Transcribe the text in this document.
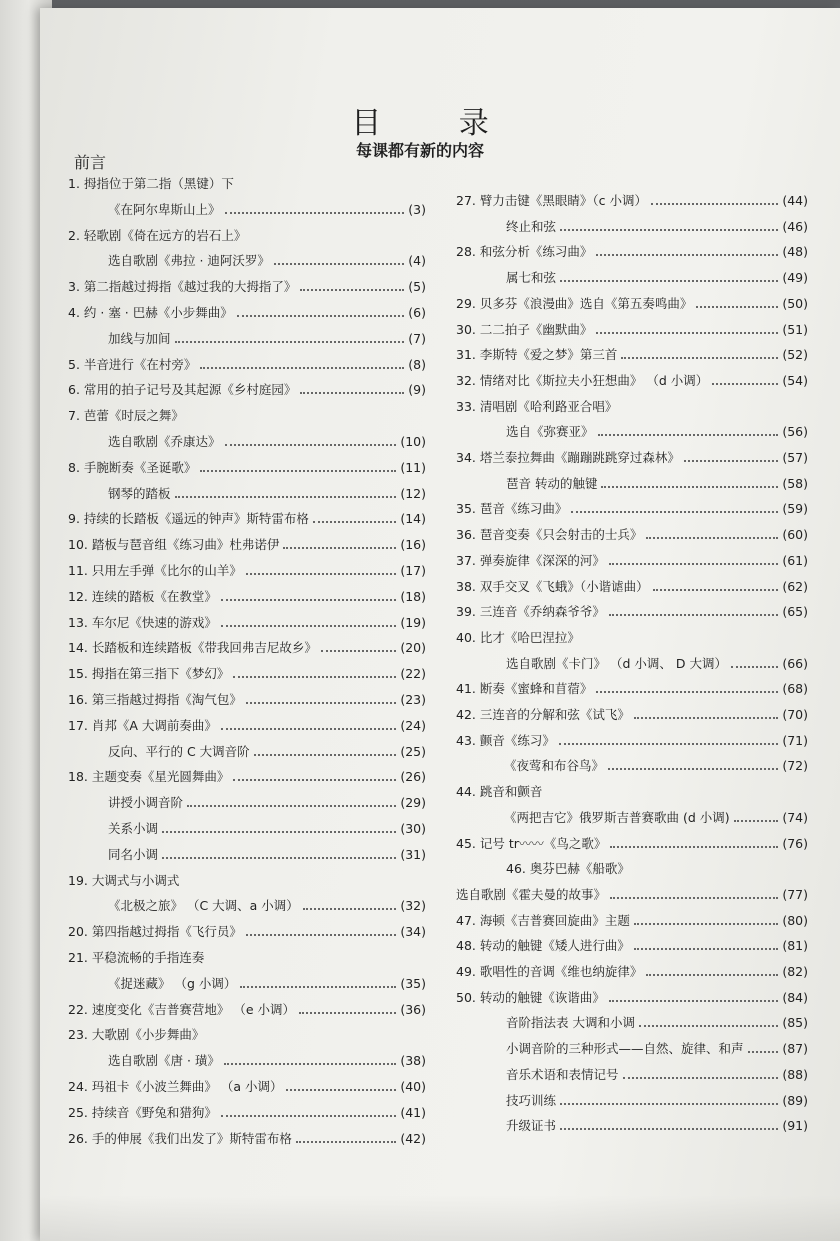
目 录
每课都有新的内容
前言
1. 拇指位于第二指（黑键）下
《在阿尔卑斯山上》	(3)
2. 轻歌剧《倚在远方的岩石上》
选自歌剧《弗拉 · 迪阿沃罗》	(4)
3. 第二指越过拇指《越过我的大拇指了》	(5)
4. 约 · 塞 · 巴赫《小步舞曲》	(6)
加线与加间	(7)
5. 半音进行《在村旁》	(8)
6. 常用的拍子记号及其起源《乡村庭园》	(9)
7. 芭蕾《时辰之舞》
选自歌剧《乔康达》	(10)
8. 手腕断奏《圣诞歌》	(11)
钢琴的踏板	(12)
9. 持续的长踏板《遥远的钟声》斯特雷布格	(14)
10. 踏板与琶音组《练习曲》杜弗诺伊	(16)
11. 只用左手弹《比尔的山羊》	(17)
12. 连续的踏板《在教堂》	(18)
13. 车尔尼《快速的游戏》	(19)
14. 长踏板和连续踏板《带我回弗吉尼故乡》	(20)
15. 拇指在第三指下《梦幻》	(22)
16. 第三指越过拇指《淘气包》	(23)
17. 肖邦《A 大调前奏曲》	(24)
反向、平行的 C 大调音阶	(25)
18. 主题变奏《星光圆舞曲》	(26)
讲授小调音阶	(29)
关系小调	(30)
同名小调	(31)
19. 大调式与小调式
《北极之旅》 （C 大调、a 小调）	(32)
20. 第四指越过拇指《飞行员》	(34)
21. 平稳流畅的手指连奏
《捉迷藏》 （g 小调）	(35)
22. 速度变化《吉普赛营地》 （e 小调）	(36)
23. 大歌剧《小步舞曲》
选自歌剧《唐 · 璜》	(38)
24. 玛祖卡《小波兰舞曲》 （a 小调）	(40)
25. 持续音《野兔和猎狗》	(41)
26. 手的伸展《我们出发了》斯特雷布格	(42)
27. 臂力击键《黑眼睛》（c 小调）	(44)
终止和弦	(46)
28. 和弦分析《练习曲》	(48)
属七和弦	(49)
29. 贝多芬《浪漫曲》选自《第五奏鸣曲》	(50)
30. 二二拍子《幽默曲》	(51)
31. 李斯特《爱之梦》第三首	(52)
32. 情绪对比《斯拉夫小狂想曲》 （d 小调）	(54)
33. 清唱剧《哈利路亚合唱》
选自《弥赛亚》	(56)
34. 塔兰泰拉舞曲《蹦蹦跳跳穿过森林》	(57)
琶音 转动的触键	(58)
35. 琶音《练习曲》	(59)
36. 琶音变奏《只会射击的士兵》	(60)
37. 弹奏旋律《深深的河》	(61)
38. 双手交叉《飞蛾》（小谐谑曲）	(62)
39. 三连音《乔纳森爷爷》	(65)
40. 比才《哈巴涅拉》
选自歌剧《卡门》 （d 小调、 D 大调）	(66)
41. 断奏《蜜蜂和苜蓿》	(68)
42. 三连音的分解和弦《试飞》	(70)
43. 颤音《练习》	(71)
《夜莺和布谷鸟》	(72)
44. 跳音和颤音
《两把吉它》俄罗斯吉普赛歌曲 (d 小调)	(74)
45. 记号 tr〰〰《鸟之歌》	(76)
46. 奥芬巴赫《船歌》
选自歌剧《霍夫曼的故事》	(77)
47. 海顿《吉普赛回旋曲》主题	(80)
48. 转动的触键《矮人进行曲》	(81)
49. 歌唱性的音调《维也纳旋律》	(82)
50. 转动的触键《诙谐曲》	(84)
音阶指法表 大调和小调	(85)
小调音阶的三种形式——自然、旋律、和声	(87)
音乐术语和表情记号	(88)
技巧训练	(89)
升级证书	(91)
